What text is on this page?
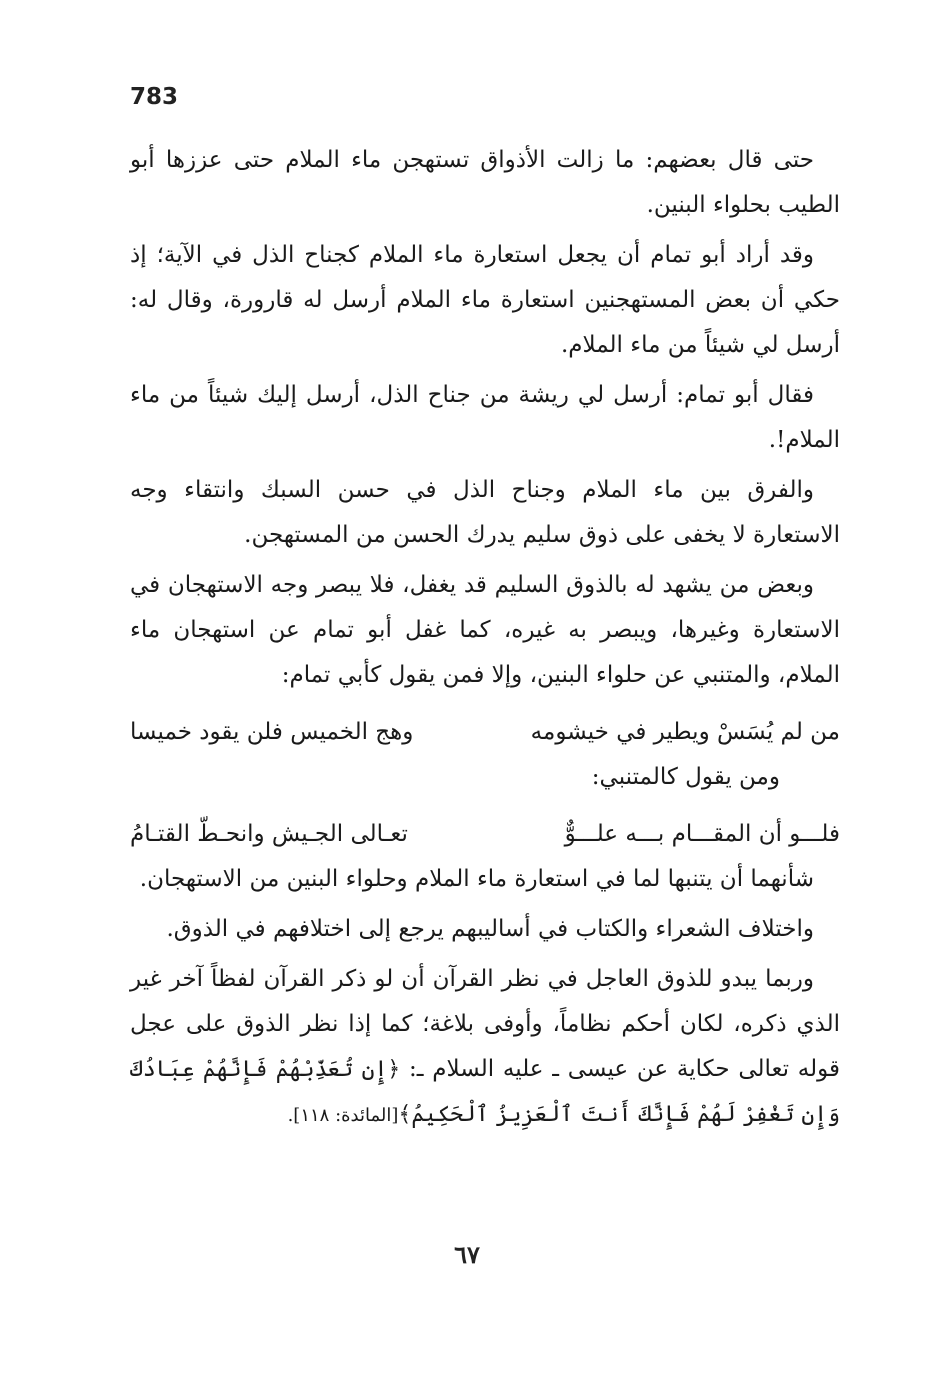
783

حتى قال بعضهم: ما زالت الأذواق تستهجن ماء الملام حتى عززها أبو الطيب بحلواء البنين.

وقد أراد أبو تمام أن يجعل استعارة ماء الملام كجناح الذل في الآية؛ إذ حكي أن بعض المستهجنين استعارة ماء الملام أرسل له قارورة، وقال له: أرسل لي شيئاً من ماء الملام.

فقال أبو تمام: أرسل لي ريشة من جناح الذل، أرسل إليك شيئاً من ماء الملام!.

والفرق بين ماء الملام وجناح الذل في حسن السبك وانتقاء وجه الاستعارة لا يخفى على ذوق سليم يدرك الحسن من المستهجن.

وبعض من يشهد له بالذوق السليم قد يغفل، فلا يبصر وجه الاستهجان في الاستعارة وغيرها، ويبصر به غيره، كما غفل أبو تمام عن استهجان ماء الملام، والمتنبي عن حلواء البنين، وإلا فمن يقول كأبي تمام:

من لم يُسَسْ ويطير في خيشومه
وهج الخميس فلن يقود خميسا

ومن يقول كالمتنبي:

فلـــو أن المقـــام بـــه علـــوٌّ
تعـالى الجـيش وانحـطّ القتـامُ

شأنهما أن يتنبها لما في استعارة ماء الملام وحلواء البنين من الاستهجان.

واختلاف الشعراء والكتاب في أساليبهم يرجع إلى اختلافهم في الذوق.

وربما يبدو للذوق العاجل في نظر القرآن أن لو ذكر القرآن لفظاً آخر غير الذي ذكره، لكان أحكم نظاماً، وأوفى بلاغة؛ كما إذا نظر الذوق على عجل قوله تعالى حكاية عن عيسى ـ عليه السلام ـ: ﴿إِن تُعَذِّبْهُمْ فَإِنَّهُمْ عِبَادُكَ وَإِن تَغْفِرْ لَهُمْ فَإِنَّكَ أَنتَ ٱلْعَزِيزُ ٱلْحَكِيمُ﴾[المائدة: ١١٨].

٦٧
